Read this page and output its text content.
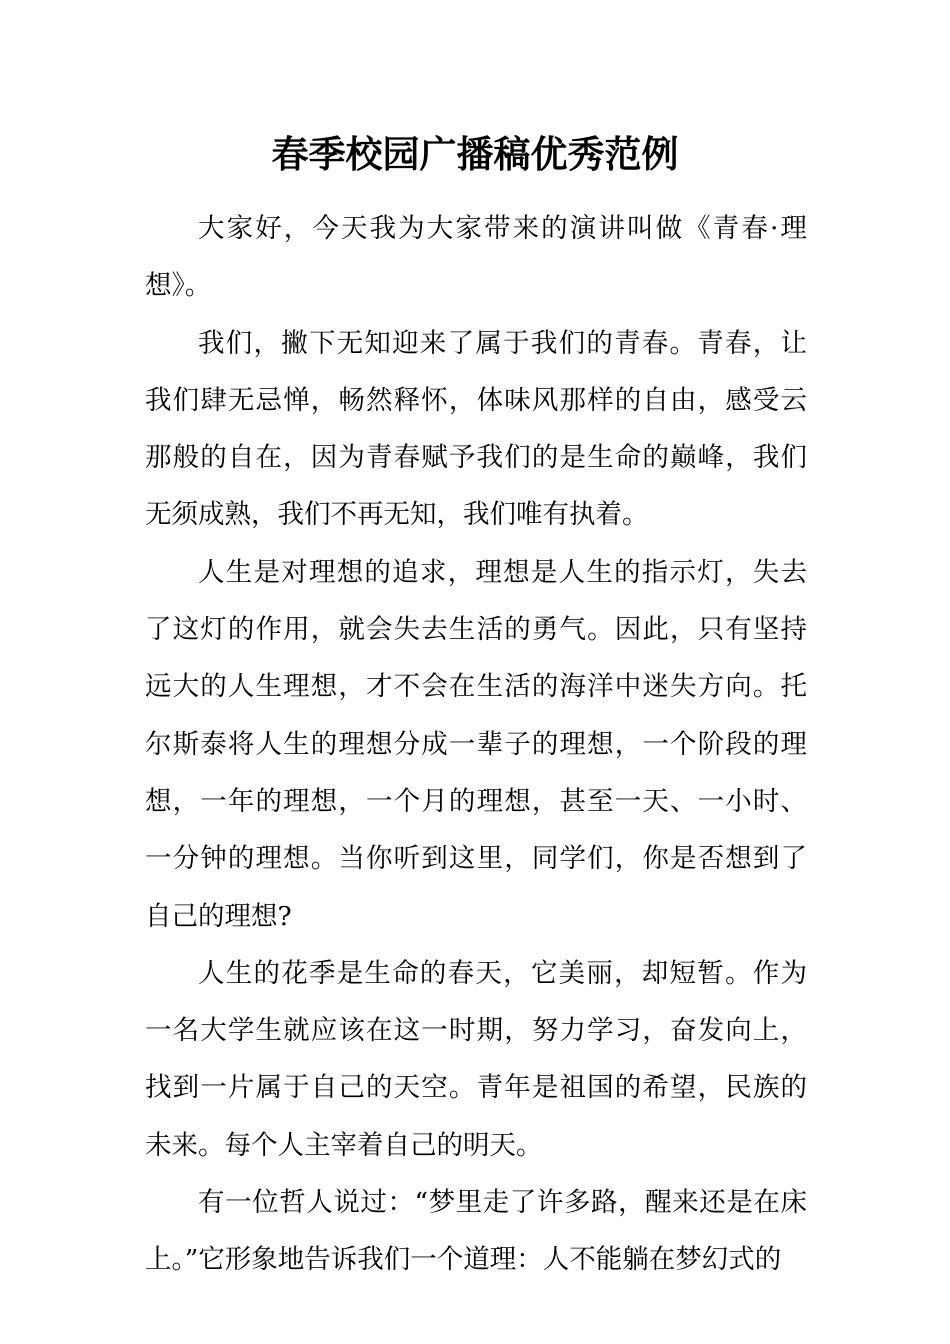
春季校园广播稿优秀范例

大家好，今天我为大家带来的演讲叫做《青春·理想》。

我们，撇下无知迎来了属于我们的青春。青春，让我们肆无忌惮，畅然释怀，体味风那样的自由，感受云那般的自在，因为青春赋予我们的是生命的巅峰，我们无须成熟，我们不再无知，我们唯有执着。

人生是对理想的追求，理想是人生的指示灯，失去了这灯的作用，就会失去生活的勇气。因此，只有坚持远大的人生理想，才不会在生活的海洋中迷失方向。托尔斯泰将人生的理想分成一辈子的理想，一个阶段的理想，一年的理想，一个月的理想，甚至一天、一小时、一分钟的理想。当你听到这里，同学们，你是否想到了自己的理想?

人生的花季是生命的春天，它美丽，却短暂。作为一名大学生就应该在这一时期，努力学习，奋发向上，找到一片属于自己的天空。青年是祖国的希望，民族的未来。每个人主宰着自己的明天。

有一位哲人说过：“梦里走了许多路，醒来还是在床上。”它形象地告诉我们一个道理：人不能躺在梦幻式的
